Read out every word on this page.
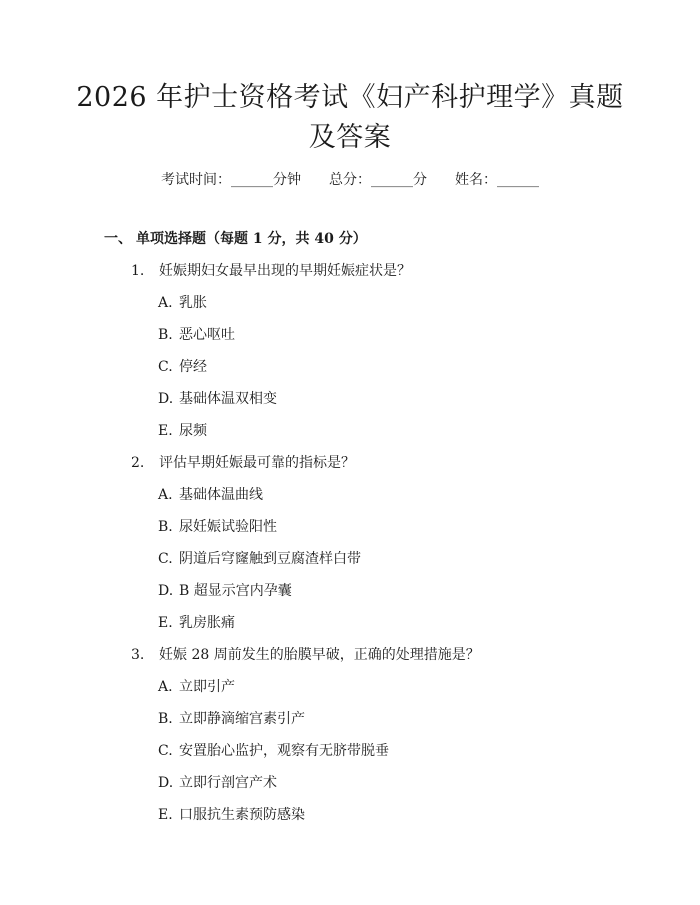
2026 年护士资格考试《妇产科护理学》真题
及答案
考试时间：______分钟 总分：______分 姓名：______
一、 单项选择题（每题 1 分，共 40 分）
1. 妊娠期妇女最早出现的早期妊娠症状是？
A. 乳胀
B. 恶心呕吐
C. 停经
D. 基础体温双相变
E. 尿频
2. 评估早期妊娠最可靠的指标是？
A. 基础体温曲线
B. 尿妊娠试验阳性
C. 阴道后穹窿触到豆腐渣样白带
D. B 超显示宫内孕囊
E. 乳房胀痛
3. 妊娠 28 周前发生的胎膜早破，正确的处理措施是？
A. 立即引产
B. 立即静滴缩宫素引产
C. 安置胎心监护，观察有无脐带脱垂
D. 立即行剖宫产术
E. 口服抗生素预防感染
